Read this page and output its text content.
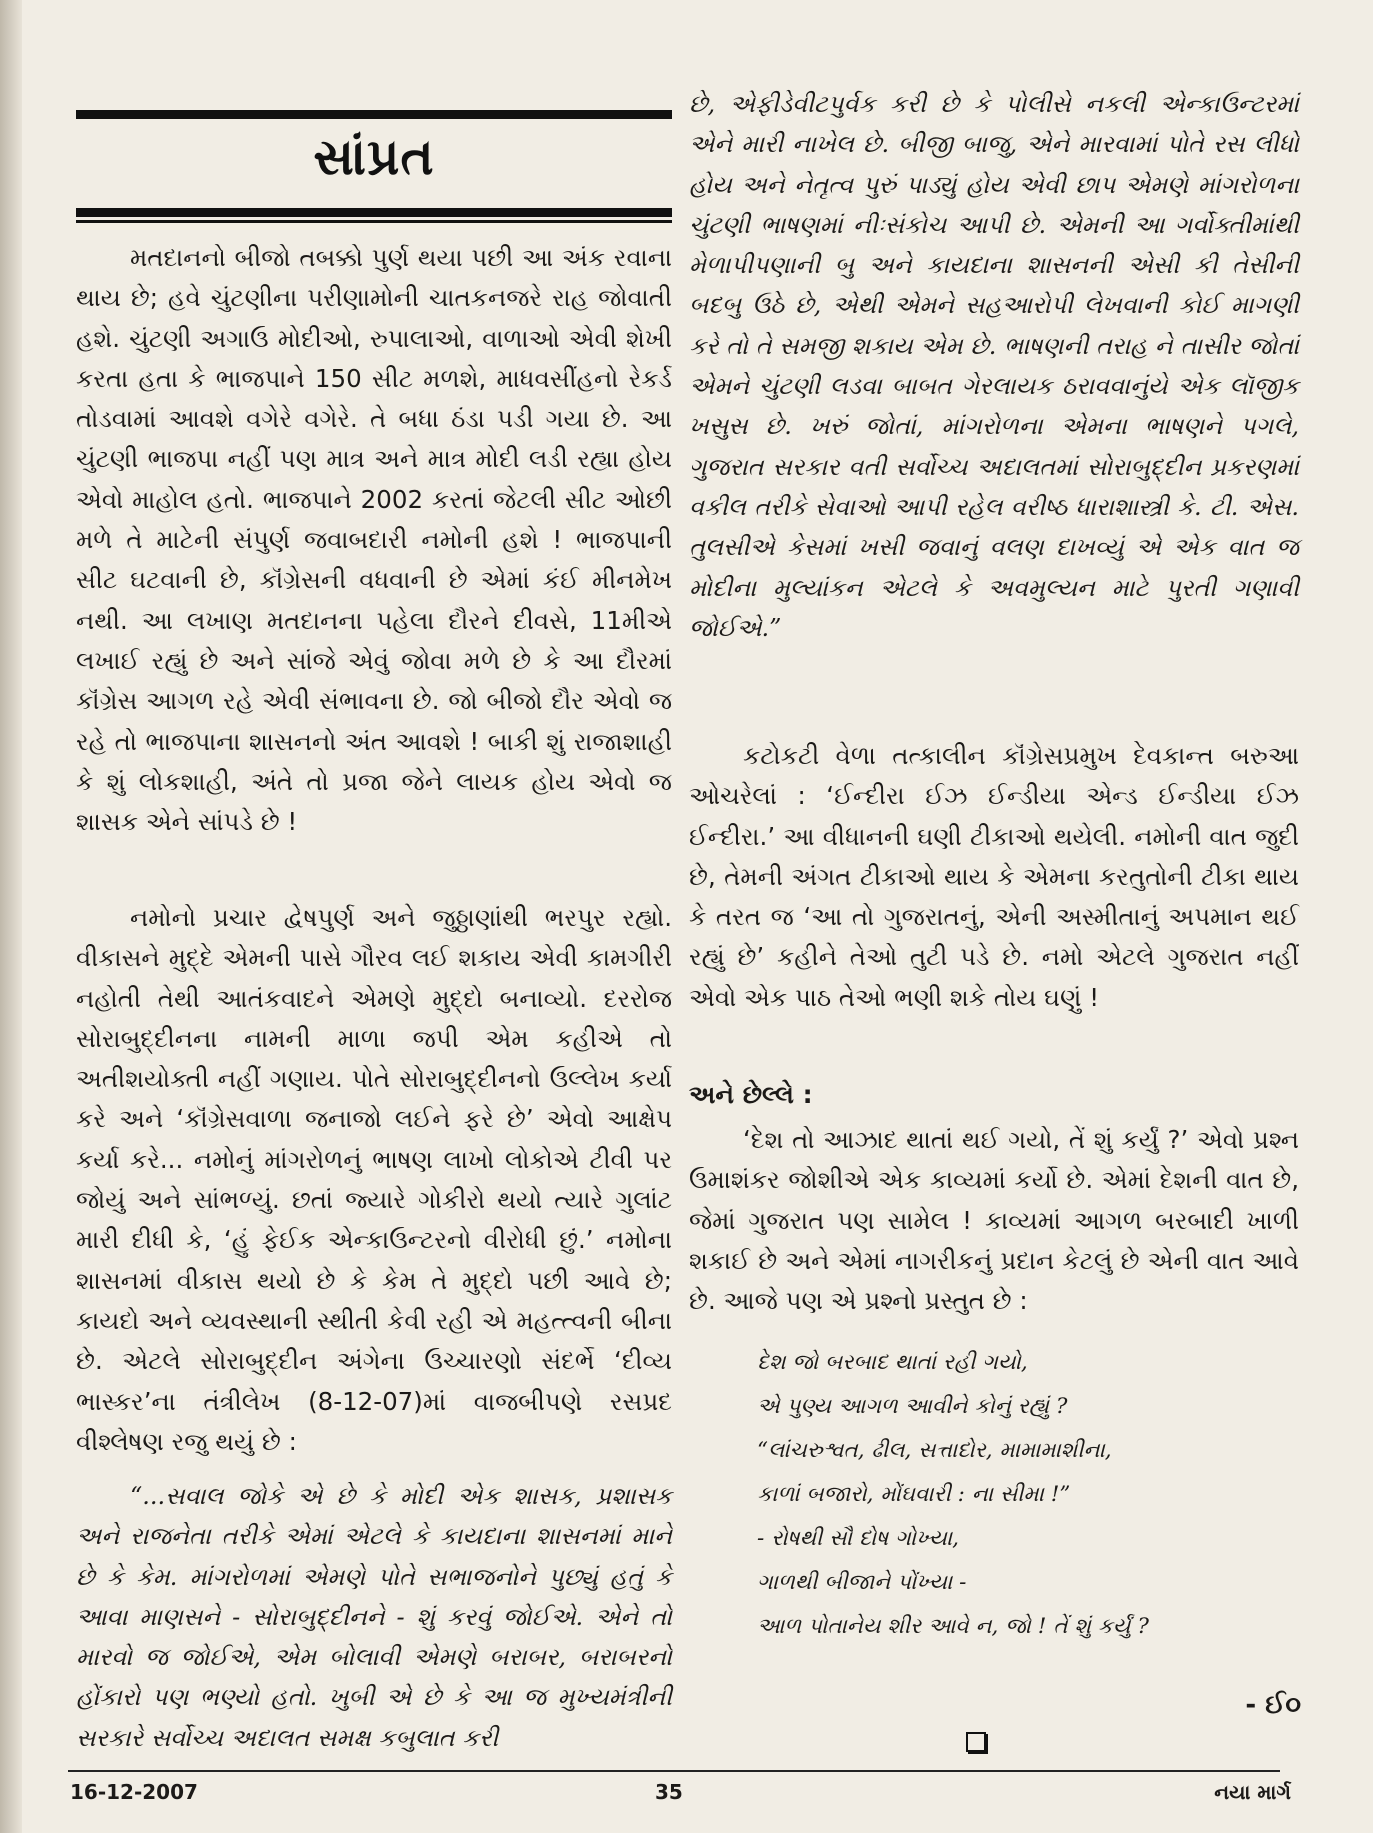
સાંપ્રત

મતદાનનો બીજો તબક્કો પુર્ણ થયા પછી આ અંક રવાના થાય છે; હવે ચુંટણીના પરીણામોની ચાતકનજરે રાહ જોવાતી હશે. ચુંટણી અગાઉ મોદીઓ, રુપાલાઓ, વાળાઓ એવી શેખી કરતા હતા કે ભાજપાને 150 સીટ મળશે, માધવસીંહનો રેકર્ડ તોડવામાં આવશે વગેરે વગેરે. તે બધા ઠંડા પડી ગયા છે. આ ચુંટણી ભાજપા નહીં પણ માત્ર અને માત્ર મોદી લડી રહ્યા હોય એવો માહોલ હતો. ભાજપાને 2002 કરતાં જેટલી સીટ ઓછી મળે તે માટેની સંપુર્ણ જવાબદારી નમોની હશે ! ભાજપાની સીટ ઘટવાની છે, કૉંગ્રેસની વધવાની છે એમાં કંઈ મીનમેખ નથી. આ લખાણ મતદાનના પહેલા દૌરને દીવસે, 11મીએ લખાઈ રહ્યું છે અને સાંજે એવું જોવા મળે છે કે આ દૌરમાં કૉંગ્રેસ આગળ રહે એવી સંભાવના છે. જો બીજો દૌર એવો જ રહે તો ભાજપાના શાસનનો અંત આવશે ! બાકી શું રાજાશાહી કે શું લોકશાહી, અંતે તો પ્રજા જેને લાયક હોય એવો જ શાસક એને સાંપડે છે !

નમોનો પ્રચાર દ્વેષપુર્ણ અને જુઠ્ઠાણાંથી ભરપુર રહ્યો. વીકાસને મુદ્દે એમની પાસે ગૌરવ લઈ શકાય એવી કામગીરી નહોતી તેથી આતંકવાદને એમણે મુદ્દો બનાવ્યો. દરરોજ સોરાબુદ્દીનના નામની માળા જપી એમ કહીએ તો અતીશયોક્તી નહીં ગણાય. પોતે સોરાબુદ્દીનનો ઉલ્લેખ કર્યા કરે અને ‘કૉંગ્રેસવાળા જનાજો લઈને ફરે છે’ એવો આક્ષેપ કર્યા કરે... નમોનું માંગરોળનું ભાષણ લાખો લોકોએ ટીવી પર જોયું અને સાંભળ્યું. છતાં જ્યારે ગોકીરો થયો ત્યારે ગુલાંટ મારી દીધી કે, ‘હું ફેઈક એન્કાઉન્ટરનો વીરોધી છું.’ નમોના શાસનમાં વીકાસ થયો છે કે કેમ તે મુદ્દો પછી આવે છે; કાયદો અને વ્યવસ્થાની સ્થીતી કેવી રહી એ મહત્ત્વની બીના છે. એટલે સોરાબુદ્દીન અંગેના ઉચ્ચારણો સંદર્ભે ‘દીવ્ય ભાસ્કર’ના તંત્રીલેખ (8-12-07)માં વાજબીપણે રસપ્રદ વીશ્લેષણ રજુ થયું છે :

“...સવાલ જોકે એ છે કે મોદી એક શાસક, પ્રશાસક અને રાજનેતા તરીકે એમાં એટલે કે કાયદાના શાસનમાં માને છે કે કેમ. માંગરોળમાં એમણે પોતે સભાજનોને પુછ્યું હતું કે આવા માણસને - સોરાબુદ્દીનને - શું કરવું જોઈએ. એને તો મારવો જ જોઈએ, એમ બોલાવી એમણે બરાબર, બરાબરનો હોંકારો પણ ભણ્યો હતો. ખુબી એ છે કે આ જ મુખ્યમંત્રીની સરકારે સર્વોચ્ચ અદાલત સમક્ષ કબુલાત કરી

છે, એફીડેવીટપુર્વક કરી છે કે પોલીસે નકલી એન્કાઉન્ટરમાં એને મારી નાખેલ છે. બીજી બાજુ, એને મારવામાં પોતે રસ લીધો હોય અને નેતૃત્વ પુરું પાડ્યું હોય એવી છાપ એમણે માંગરોળના ચુંટણી ભાષણમાં નીઃસંકોચ આપી છે. એમની આ ગર્વોક્તીમાંથી મેળાપીપણાની બુ અને કાયદાના શાસનની એસી કી તેસીની બદબુ ઉઠે છે, એથી એમને સહઆરોપી લેખવાની કોઈ માગણી કરે તો તે સમજી શકાય એમ છે. ભાષણની તરાહ ને તાસીર જોતાં એમને ચુંટણી લડવા બાબત ગેરલાયક ઠરાવવાનુંયે એક લૉજીક ખસુસ છે. ખરું જોતાં, માંગરોળના એમના ભાષણને પગલે, ગુજરાત સરકાર વતી સર્વોચ્ચ અદાલતમાં સોરાબુદ્દીન પ્રકરણમાં વકીલ તરીકે સેવાઓ આપી રહેલ વરીષ્ઠ ધારાશાસ્ત્રી કે. ટી. એસ. તુલસીએ કેસમાં ખસી જવાનું વલણ દાખવ્યું એ એક વાત જ મોદીના મુલ્યાંકન એટલે કે અવમુલ્યન માટે પુરતી ગણાવી જોઈએ.”

કટોકટી વેળા તત્કાલીન કૉંગ્રેસપ્રમુખ દેવકાન્ત બરુઆ ઓચરેલાં : ‘ઈન્દીરા ઈઝ ઈન્ડીયા એન્ડ ઈન્ડીયા ઈઝ ઈન્દીરા.’ આ વીધાનની ઘણી ટીકાઓ થયેલી. નમોની વાત જુદી છે, તેમની અંગત ટીકાઓ થાય કે એમના કરતુતોની ટીકા થાય કે તરત જ ‘આ તો ગુજરાતનું, એની અસ્મીતાનું અપમાન થઈ રહ્યું છે’ કહીને તેઓ તુટી પડે છે. નમો એટલે ગુજરાત નહીં એવો એક પાઠ તેઓ ભણી શકે તોય ઘણું !

અને છેલ્લે :

‘દેશ તો આઝાદ થાતાં થઈ ગયો, તેં શું કર્યું ?’ એવો પ્રશ્ન ઉમાશંકર જોશીએ એક કાવ્યમાં કર્યો છે. એમાં દેશની વાત છે, જેમાં ગુજરાત પણ સામેલ ! કાવ્યમાં આગળ બરબાદી ખાળી શકાઈ છે અને એમાં નાગરીકનું પ્રદાન કેટલું છે એની વાત આવે છે. આજે પણ એ પ્રશ્નો પ્રસ્તુત છે :

દેશ જો બરબાદ થાતાં રહી ગયો,

એ પુણ્ય આગળ આવીને કોનું રહ્યું ?

“લાંચરુશ્વત, ઢીલ, સત્તાદોર, મામામાશીના,

કાળાં બજારો, મોંઘવારી : ના સીમા !”

- રોષથી સૌ દોષ ગોખ્યા,

ગાળથી બીજાને પોંખ્યા -

આળ પોતાનેય શીર આવે ન, જો ! તેં શું કર્યું ?

- ઈ૦

16-12-2007	35	નયા માર્ગ
